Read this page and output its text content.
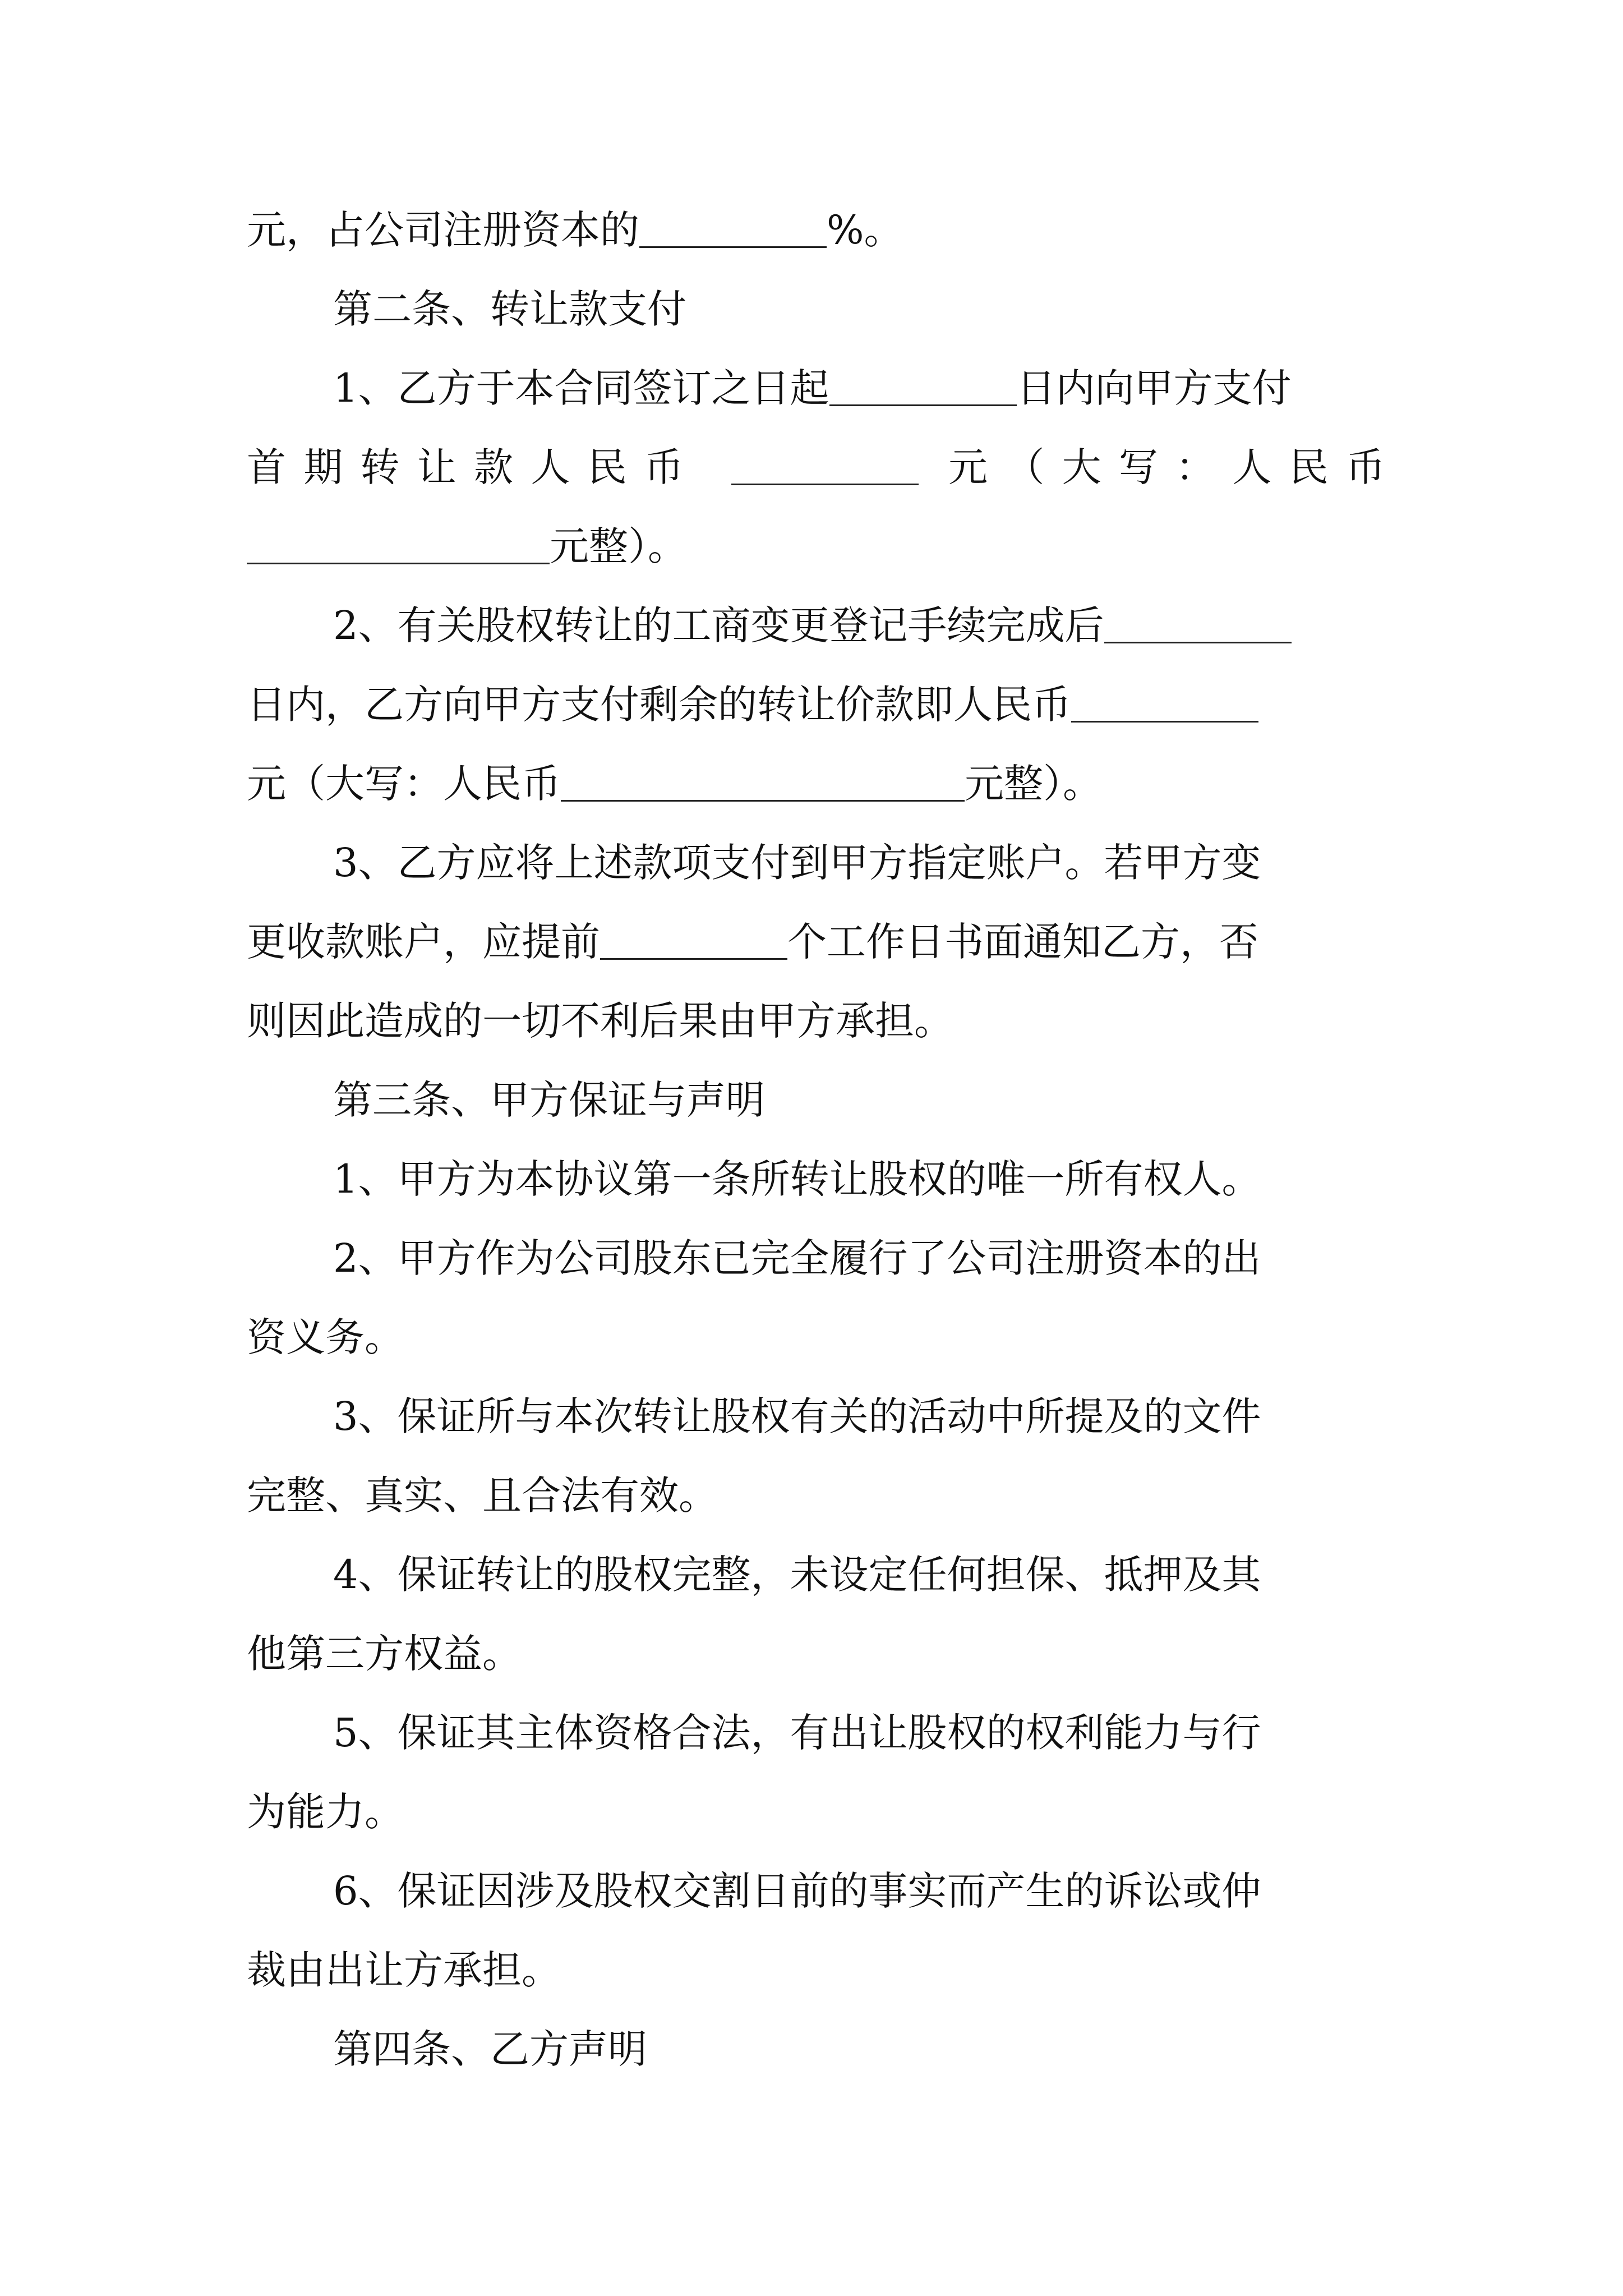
元，占公司注册资本的	%。
第二条、转让款支付
1、乙方于本合同签订之日起	日内向甲方支付
首期转让款人民币	元（大写：人民币
元整）。
2、有关股权转让的工商变更登记手续完成后
日内，乙方向甲方支付剩余的转让价款即人民币
元（大写：人民币	元整）。
3、乙方应将上述款项支付到甲方指定账户。若甲方变
更收款账户，应提前	个工作日书面通知乙方，否
则因此造成的一切不利后果由甲方承担。
第三条、甲方保证与声明
1、甲方为本协议第一条所转让股权的唯一所有权人。
2、甲方作为公司股东已完全履行了公司注册资本的出
资义务。
3、保证所与本次转让股权有关的活动中所提及的文件
完整、真实、且合法有效。
4、保证转让的股权完整，未设定任何担保、抵押及其
他第三方权益。
5、保证其主体资格合法，有出让股权的权利能力与行
为能力。
6、保证因涉及股权交割日前的事实而产生的诉讼或仲
裁由出让方承担。
第四条、乙方声明
